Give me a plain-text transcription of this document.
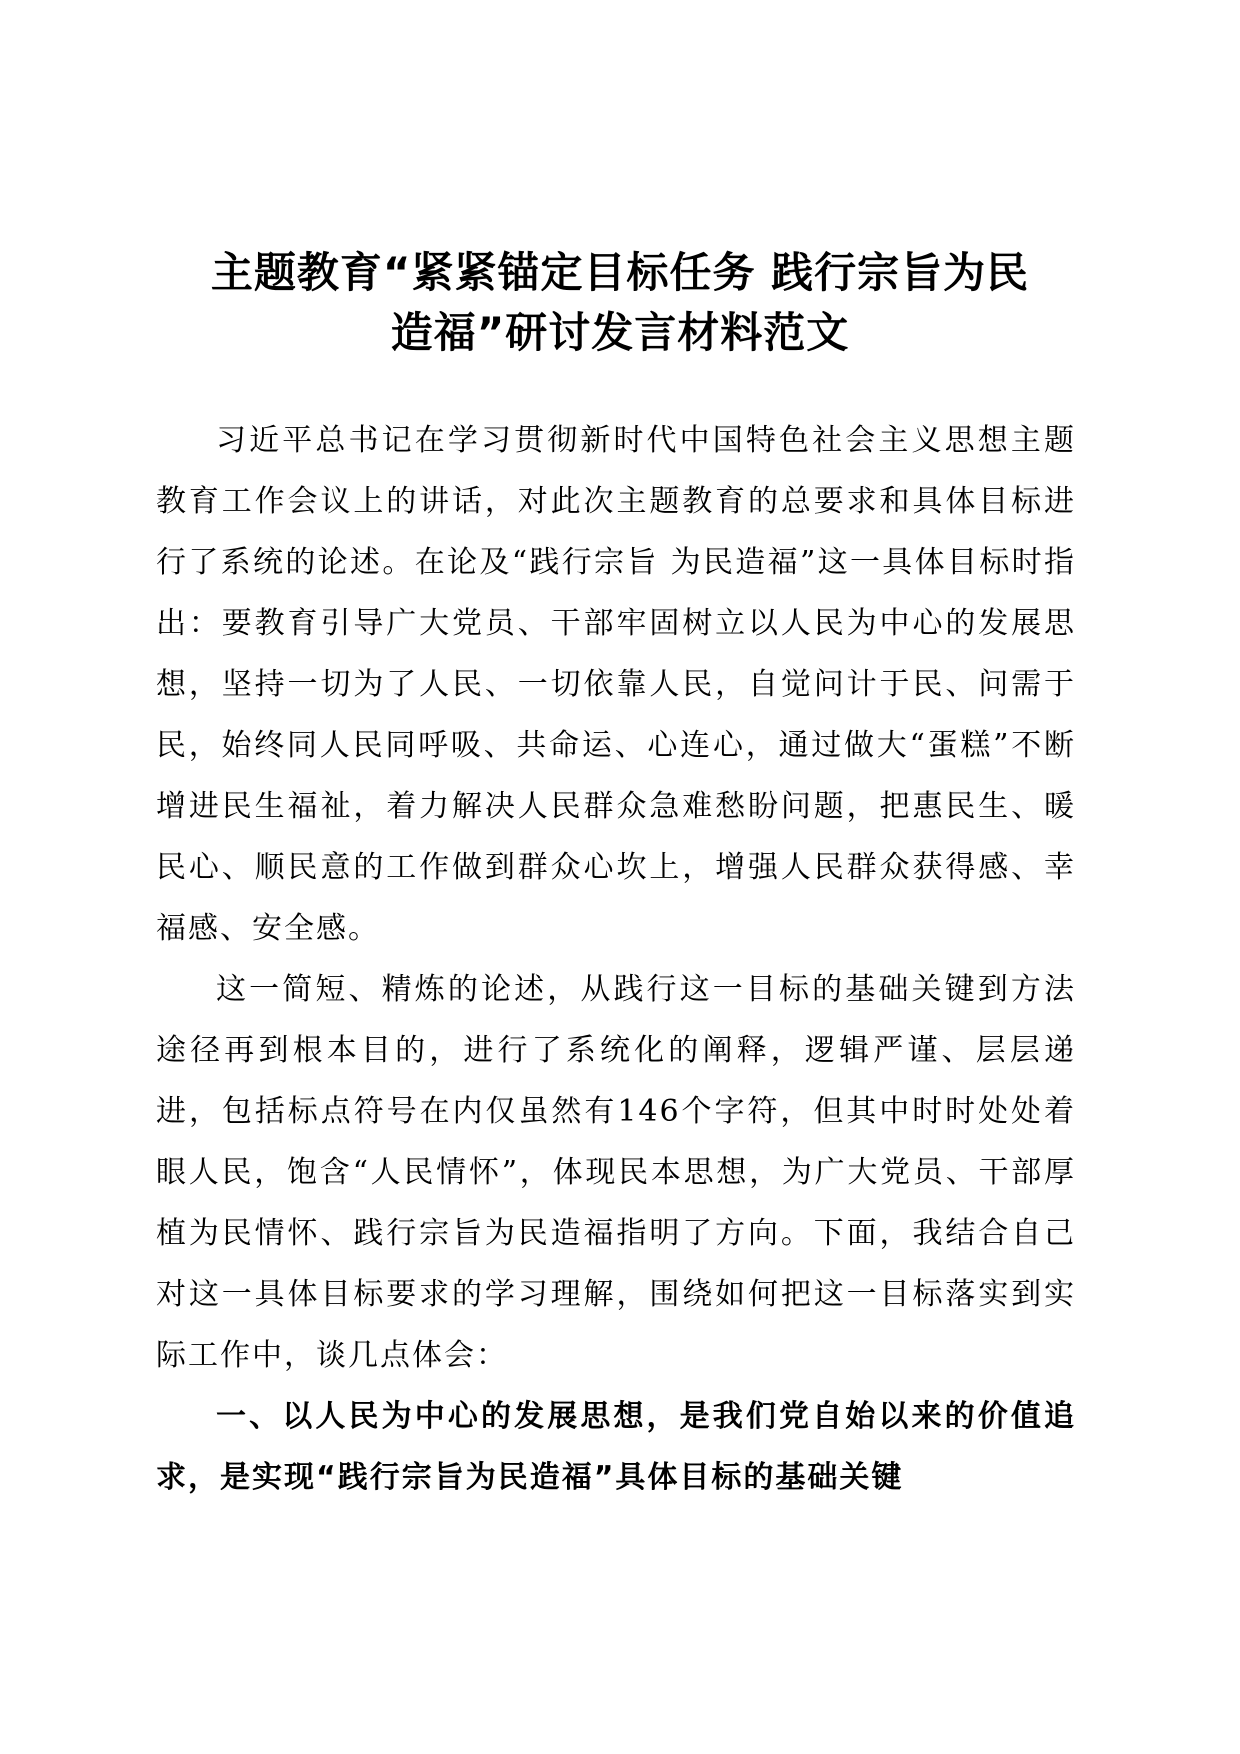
主题教育“紧紧锚定目标任务 践行宗旨为民
造福”研讨发言材料范文

习近平总书记在学习贯彻新时代中国特色社会主义思想主题教育工作会议上的讲话，对此次主题教育的总要求和具体目标进行了系统的论述。在论及“践行宗旨 为民造福”这一具体目标时指出：要教育引导广大党员、干部牢固树立以人民为中心的发展思想，坚持一切为了人民、一切依靠人民，自觉问计于民、问需于民，始终同人民同呼吸、共命运、心连心，通过做大“蛋糕”不断增进民生福祉，着力解决人民群众急难愁盼问题，把惠民生、暖民心、顺民意的工作做到群众心坎上，增强人民群众获得感、幸福感、安全感。

这一简短、精炼的论述，从践行这一目标的基础关键到方法途径再到根本目的，进行了系统化的阐释，逻辑严谨、层层递进，包括标点符号在内仅虽然有146个字符，但其中时时处处着眼人民，饱含“人民情怀”，体现民本思想，为广大党员、干部厚植为民情怀、践行宗旨为民造福指明了方向。下面，我结合自己对这一具体目标要求的学习理解，围绕如何把这一目标落实到实际工作中，谈几点体会：

一、以人民为中心的发展思想，是我们党自始以来的价值追求，是实现“践行宗旨为民造福”具体目标的基础关键
